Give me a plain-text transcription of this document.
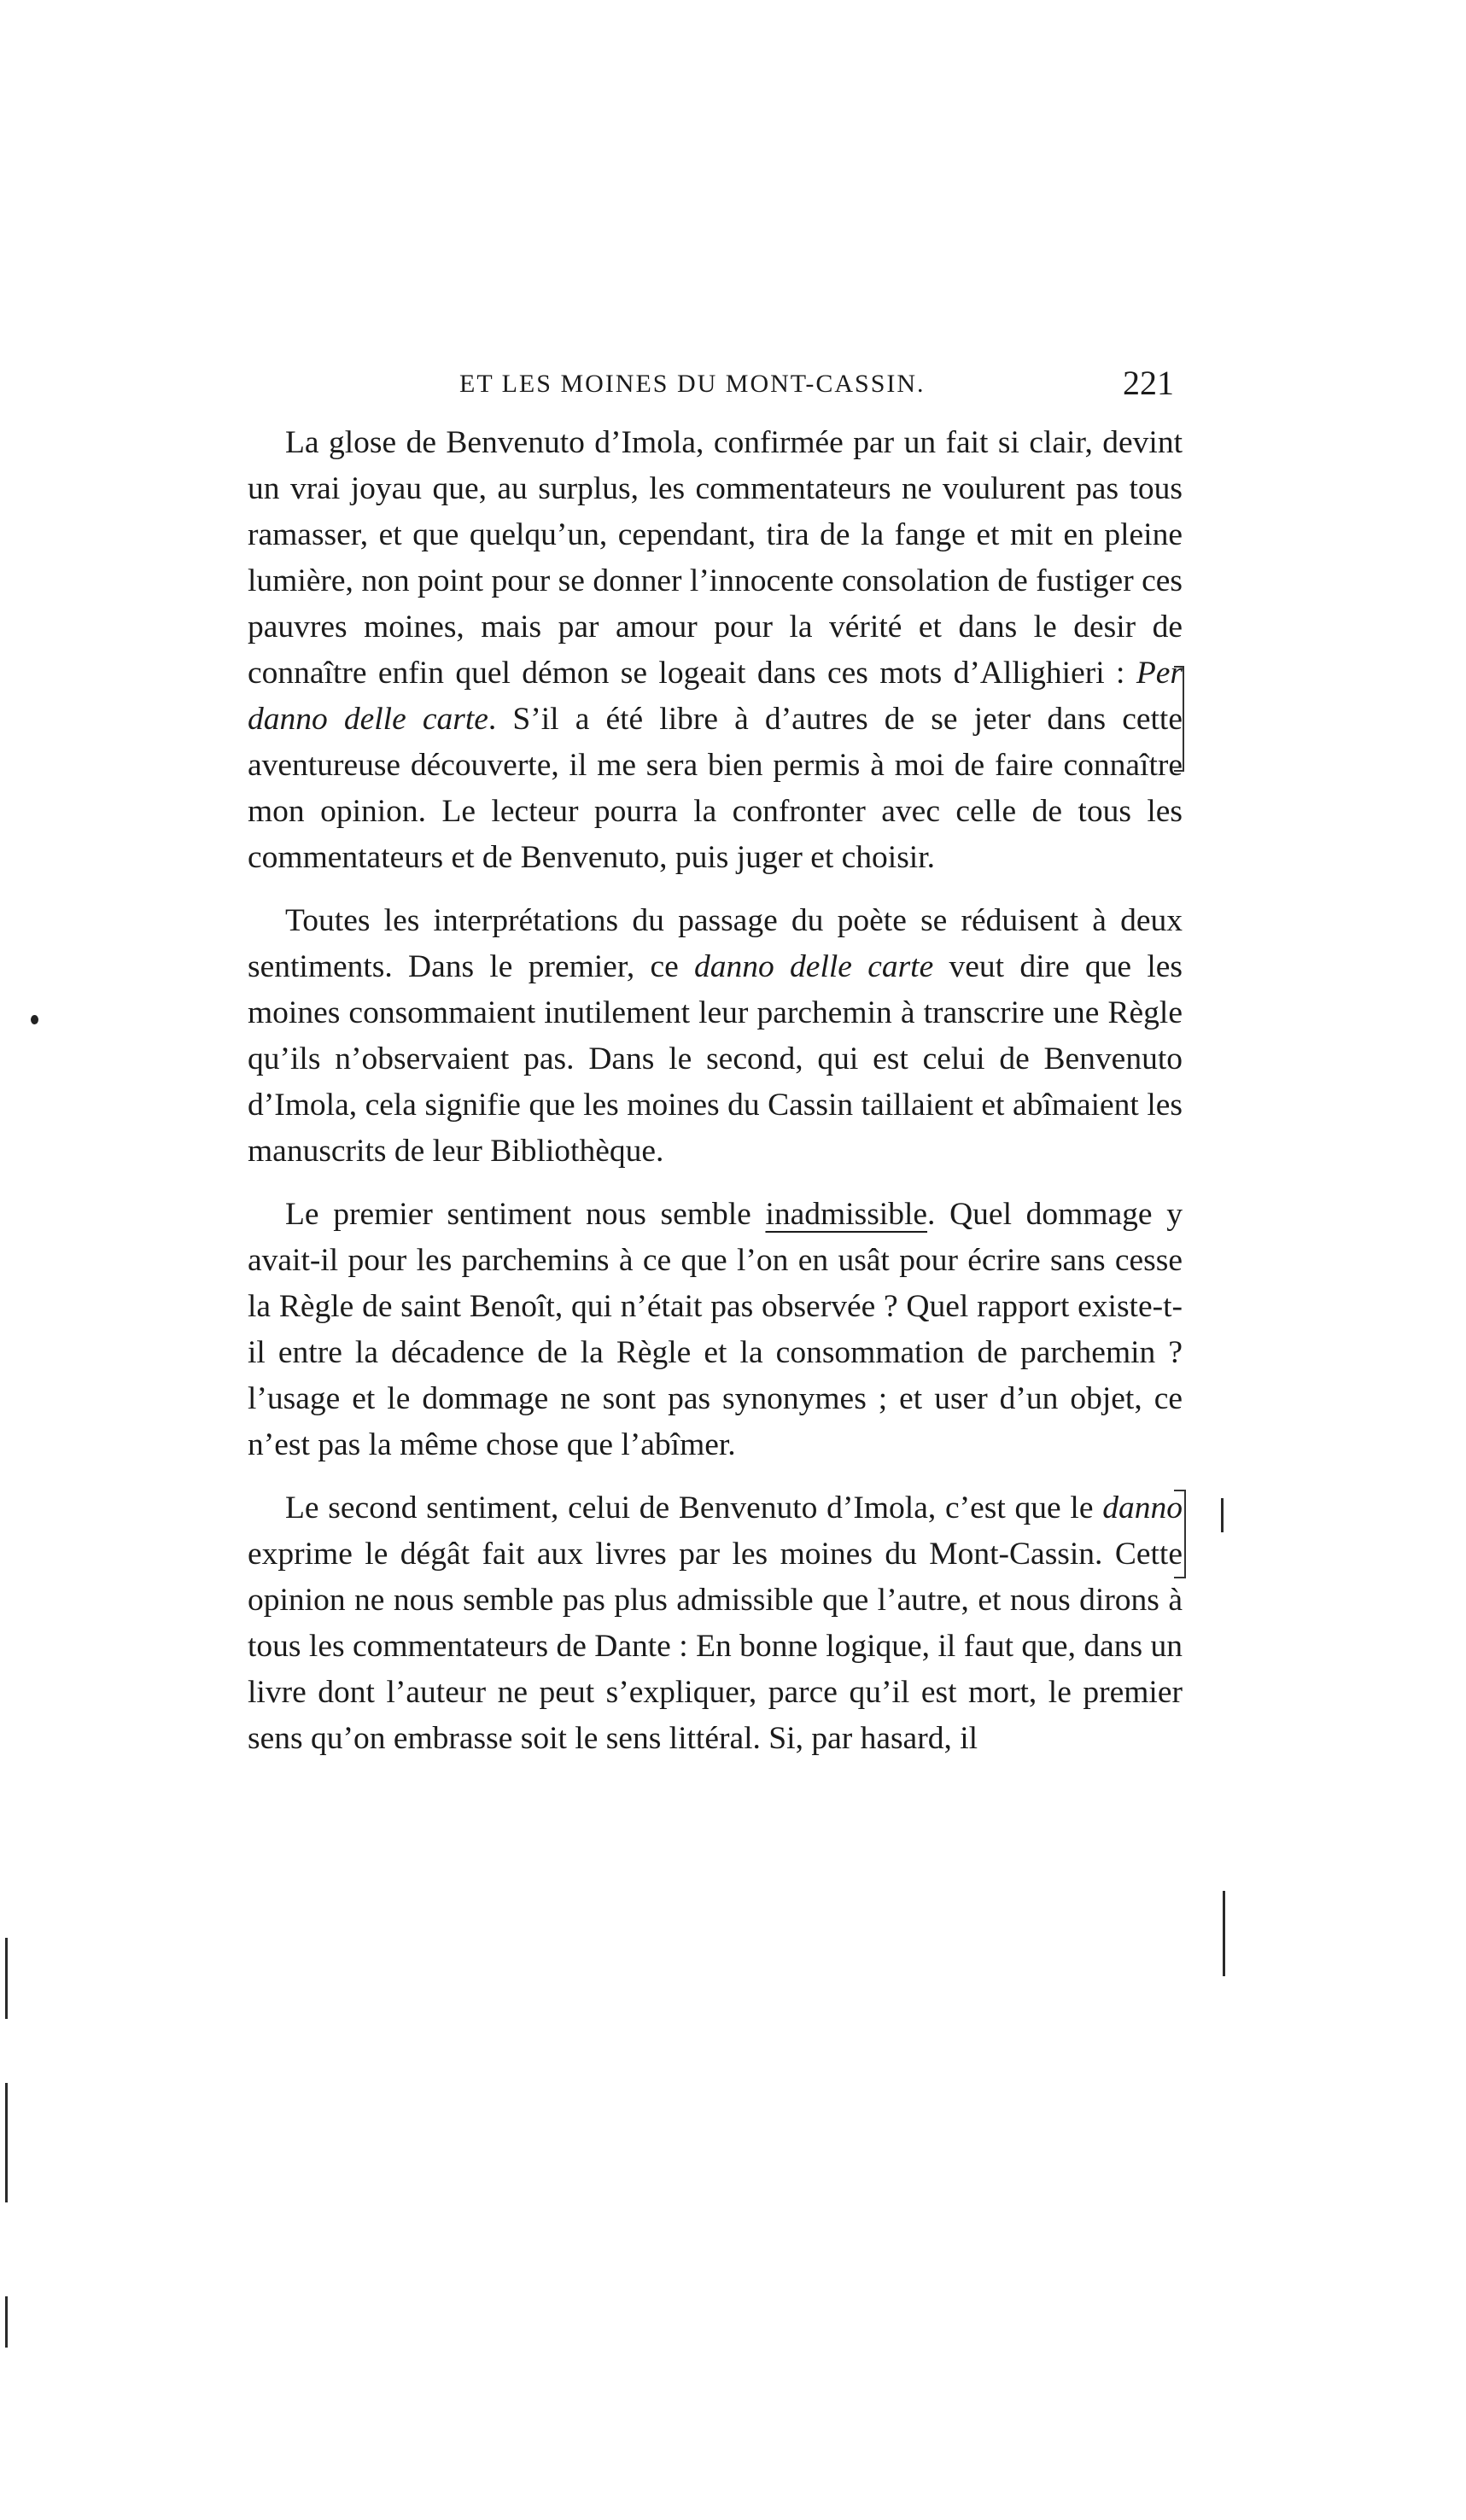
ET LES MOINES DU MONT-CASSIN.	221

La glose de Benvenuto d’Imola, confirmée par un fait si clair, devint un vrai joyau que, au surplus, les commentateurs ne voulurent pas tous ramasser, et que quelqu’un, cependant, tira de la fange et mit en pleine lumière, non point pour se donner l’innocente consolation de fustiger ces pauvres moines, mais par amour pour la vérité et dans le desir de connaître enfin quel démon se logeait dans ces mots d’Allighieri : Per danno delle carte. S’il a été libre à d’autres de se jeter dans cette aventureuse découverte, il me sera bien permis à moi de faire connaître mon opinion. Le lecteur pourra la confronter avec celle de tous les commentateurs et de Benvenuto, puis juger et choisir.

Toutes les interprétations du passage du poète se réduisent à deux sentiments. Dans le premier, ce danno delle carte veut dire que les moines consommaient inutilement leur parchemin à transcrire une Règle qu’ils n’observaient pas. Dans le second, qui est celui de Benvenuto d’Imola, cela signifie que les moines du Cassin taillaient et abîmaient les manuscrits de leur Bibliothèque.

Le premier sentiment nous semble inadmissible. Quel dommage y avait-il pour les parchemins à ce que l’on en usât pour écrire sans cesse la Règle de saint Benoît, qui n’était pas observée ? Quel rapport existe-t-il entre la décadence de la Règle et la consommation de parchemin ? l’usage et le dommage ne sont pas synonymes ; et user d’un objet, ce n’est pas la même chose que l’abîmer.

Le second sentiment, celui de Benvenuto d’Imola, c’est que le danno exprime le dégât fait aux livres par les moines du Mont-Cassin. Cette opinion ne nous semble pas plus admissible que l’autre, et nous dirons à tous les commentateurs de Dante : En bonne logique, il faut que, dans un livre dont l’auteur ne peut s’expliquer, parce qu’il est mort, le premier sens qu’on embrasse soit le sens littéral. Si, par hasard, il
